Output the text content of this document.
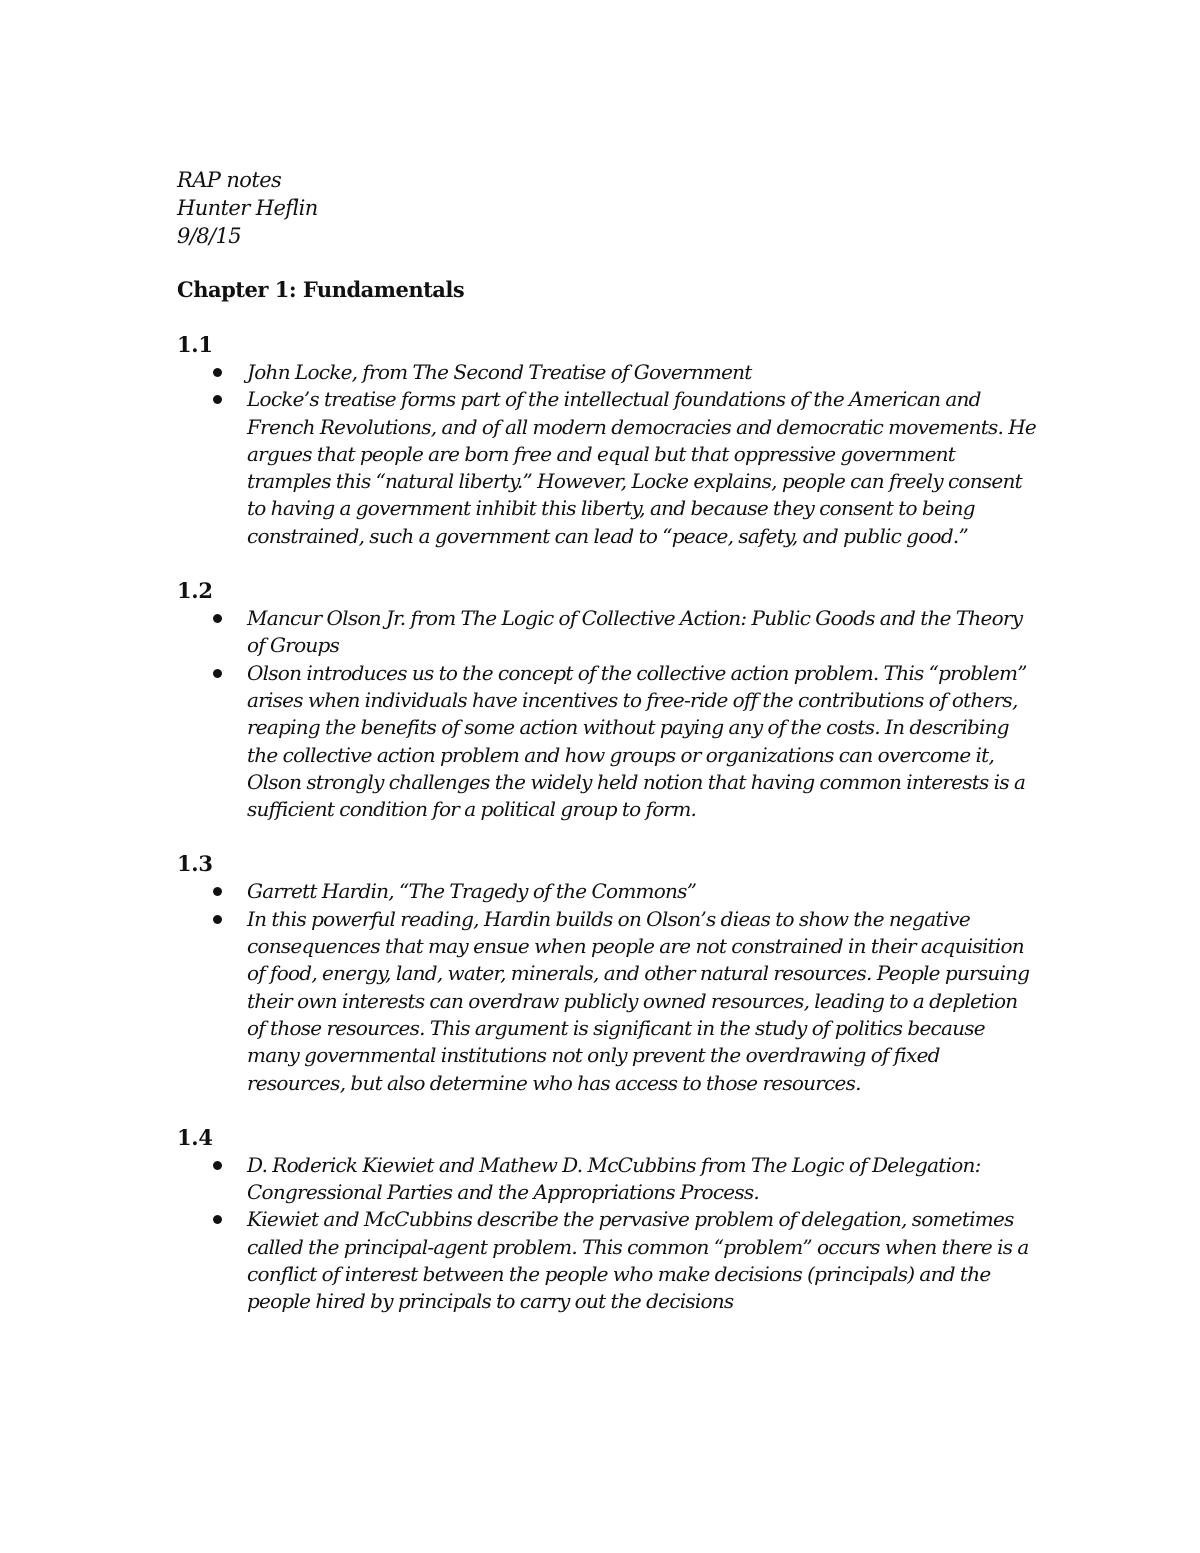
RAP notes

Hunter Heflin

9/8/15

Chapter 1: Fundamentals
1.1
John Locke, from The Second Treatise of Government
Locke’s treatise forms part of the intellectual foundations of the American and French Revolutions, and of all modern democracies and democratic movements. He argues that people are born free and equal but that oppressive government tramples this “natural liberty.” However, Locke explains, people can freely consent to having a government inhibit this liberty, and because they consent to being constrained, such a government can lead to “peace, safety, and public good.”
1.2
Mancur Olson Jr. from The Logic of Collective Action: Public Goods and the Theory of Groups
Olson introduces us to the concept of the collective action problem. This “problem” arises when individuals have incentives to free-ride off the contributions of others, reaping the benefits of some action without paying any of the costs. In describing the collective action problem and how groups or organizations can overcome it, Olson strongly challenges the widely held notion that having common interests is a sufficient condition for a political group to form.
1.3
Garrett Hardin, “The Tragedy of the Commons”
In this powerful reading, Hardin builds on Olson’s dieas to show the negative consequences that may ensue when people are not constrained in their acquisition of food, energy, land, water, minerals, and other natural resources. People pursuing their own interests can overdraw publicly owned resources, leading to a depletion of those resources. This argument is significant in the study of politics because many governmental institutions not only prevent the overdrawing of fixed resources, but also determine who has access to those resources.
1.4
D. Roderick Kiewiet and Mathew D. McCubbins from The Logic of Delegation: Congressional Parties and the Appropriations Process.
Kiewiet and McCubbins describe the pervasive problem of delegation, sometimes called the principal-agent problem. This common “problem” occurs when there is a conflict of interest between the people who make decisions (principals) and the people hired by principals to carry out the decisions
